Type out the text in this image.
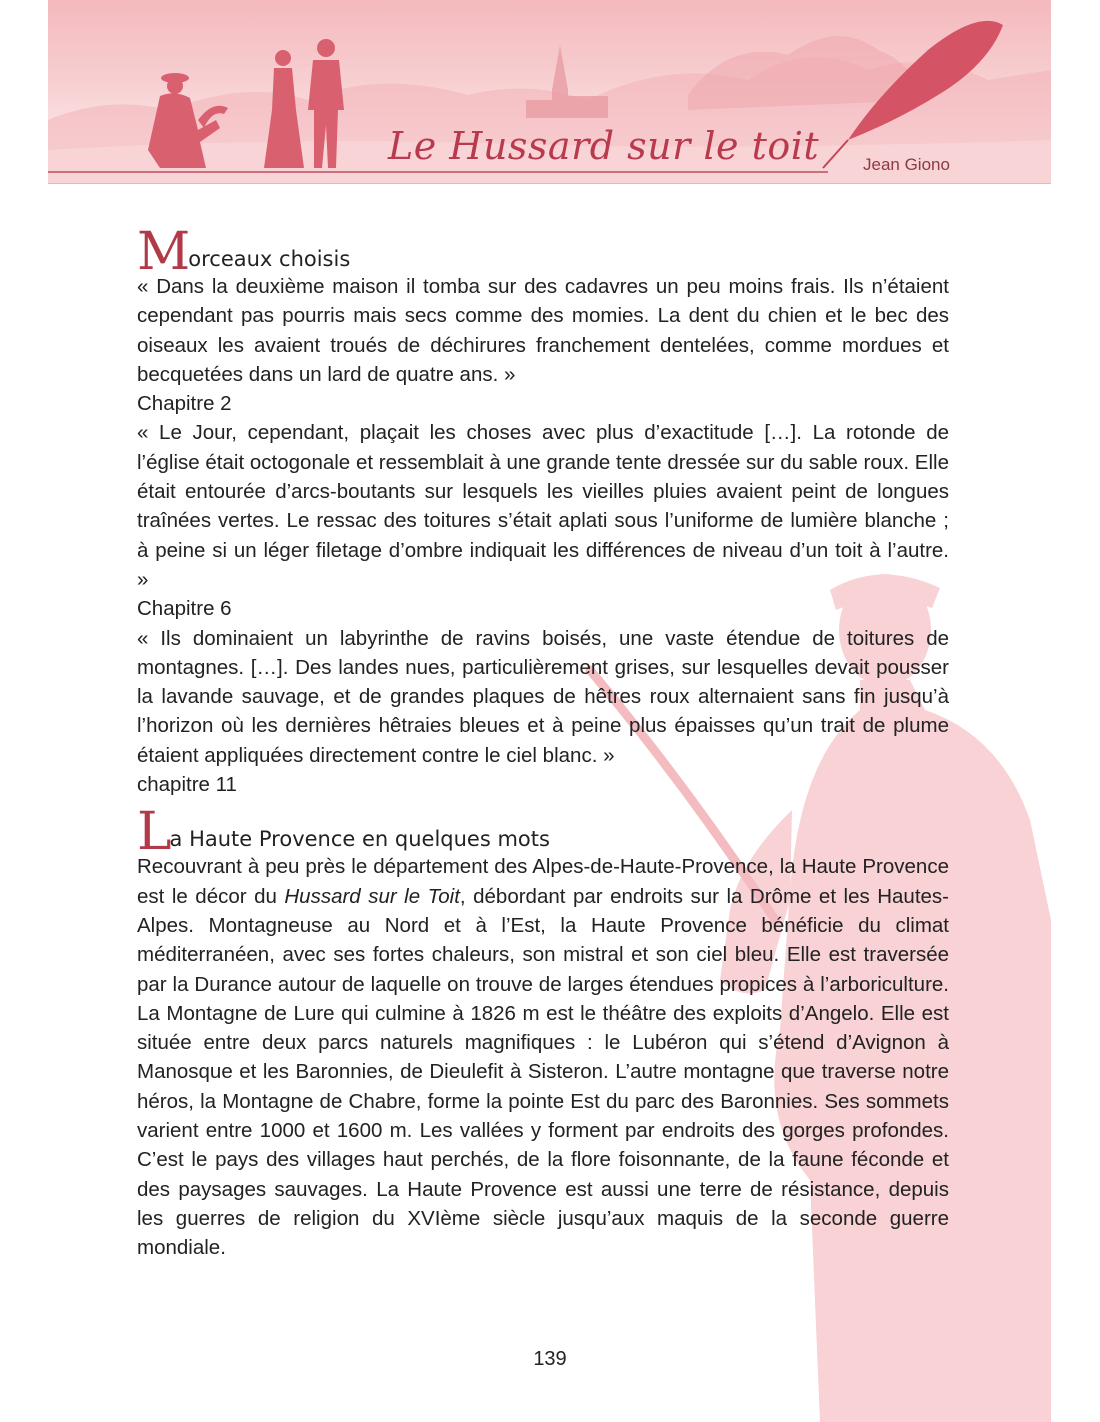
Le Hussard sur le toit	Jean Giono
Morceaux choisis
« Dans la deuxième maison il tomba sur des cadavres un peu moins frais. Ils n’étaient cependant pas pourris mais secs comme des momies. La dent du chien et le bec des oiseaux les avaient troués de déchirures franchement dentelées, comme mordues et becquetées dans un lard de quatre ans. »
Chapitre 2
« Le Jour, cependant, plaçait les choses avec plus d’exactitude […]. La rotonde de l’église était octogonale et ressemblait à une grande tente dressée sur du sable roux. Elle était entourée d’arcs-boutants sur lesquels les vieilles pluies avaient peint de longues traînées vertes. Le ressac des toitures s’était aplati sous l’uniforme de lumière blanche ; à peine si un léger filetage d’ombre indiquait les différences de niveau d’un toit à l’autre. »
Chapitre 6
« Ils dominaient un labyrinthe de ravins boisés, une vaste étendue de toitures de montagnes. […]. Des landes nues, particulièrement grises, sur lesquelles devait pousser la lavande sauvage, et de grandes plaques de hêtres roux alternaient sans fin jusqu’à l’horizon où les dernières hêtraies bleues et à peine plus épaisses qu’un trait de plume étaient appliquées directement contre le ciel blanc. »
chapitre 11
La Haute Provence en quelques mots
Recouvrant à peu près le département des Alpes-de-Haute-Provence, la Haute Provence est le décor du Hussard sur le Toit, débordant par endroits sur la Drôme et les Hautes-Alpes. Montagneuse au Nord et à l’Est, la Haute Provence bénéficie du climat méditerranéen, avec ses fortes chaleurs, son mistral et son ciel bleu. Elle est traversée par la Durance autour de laquelle on trouve de larges étendues propices à l’arboriculture. La Montagne de Lure qui culmine à 1826 m est le théâtre des exploits d’Angelo. Elle est située entre deux parcs naturels magnifiques : le Lubéron qui s’étend d’Avignon à Manosque et les Baronnies, de Dieulefit à Sisteron. L’autre montagne que traverse notre héros, la Montagne de Chabre, forme la pointe Est du parc des Baronnies. Ses sommets varient entre 1000 et 1600 m. Les vallées y forment par endroits des gorges profondes. C’est le pays des villages haut perchés, de la flore foisonnante, de la faune féconde et des paysages sauvages. La Haute Provence est aussi une terre de résistance, depuis les guerres de religion du XVIème siècle jusqu’aux maquis de la seconde guerre mondiale.
139
